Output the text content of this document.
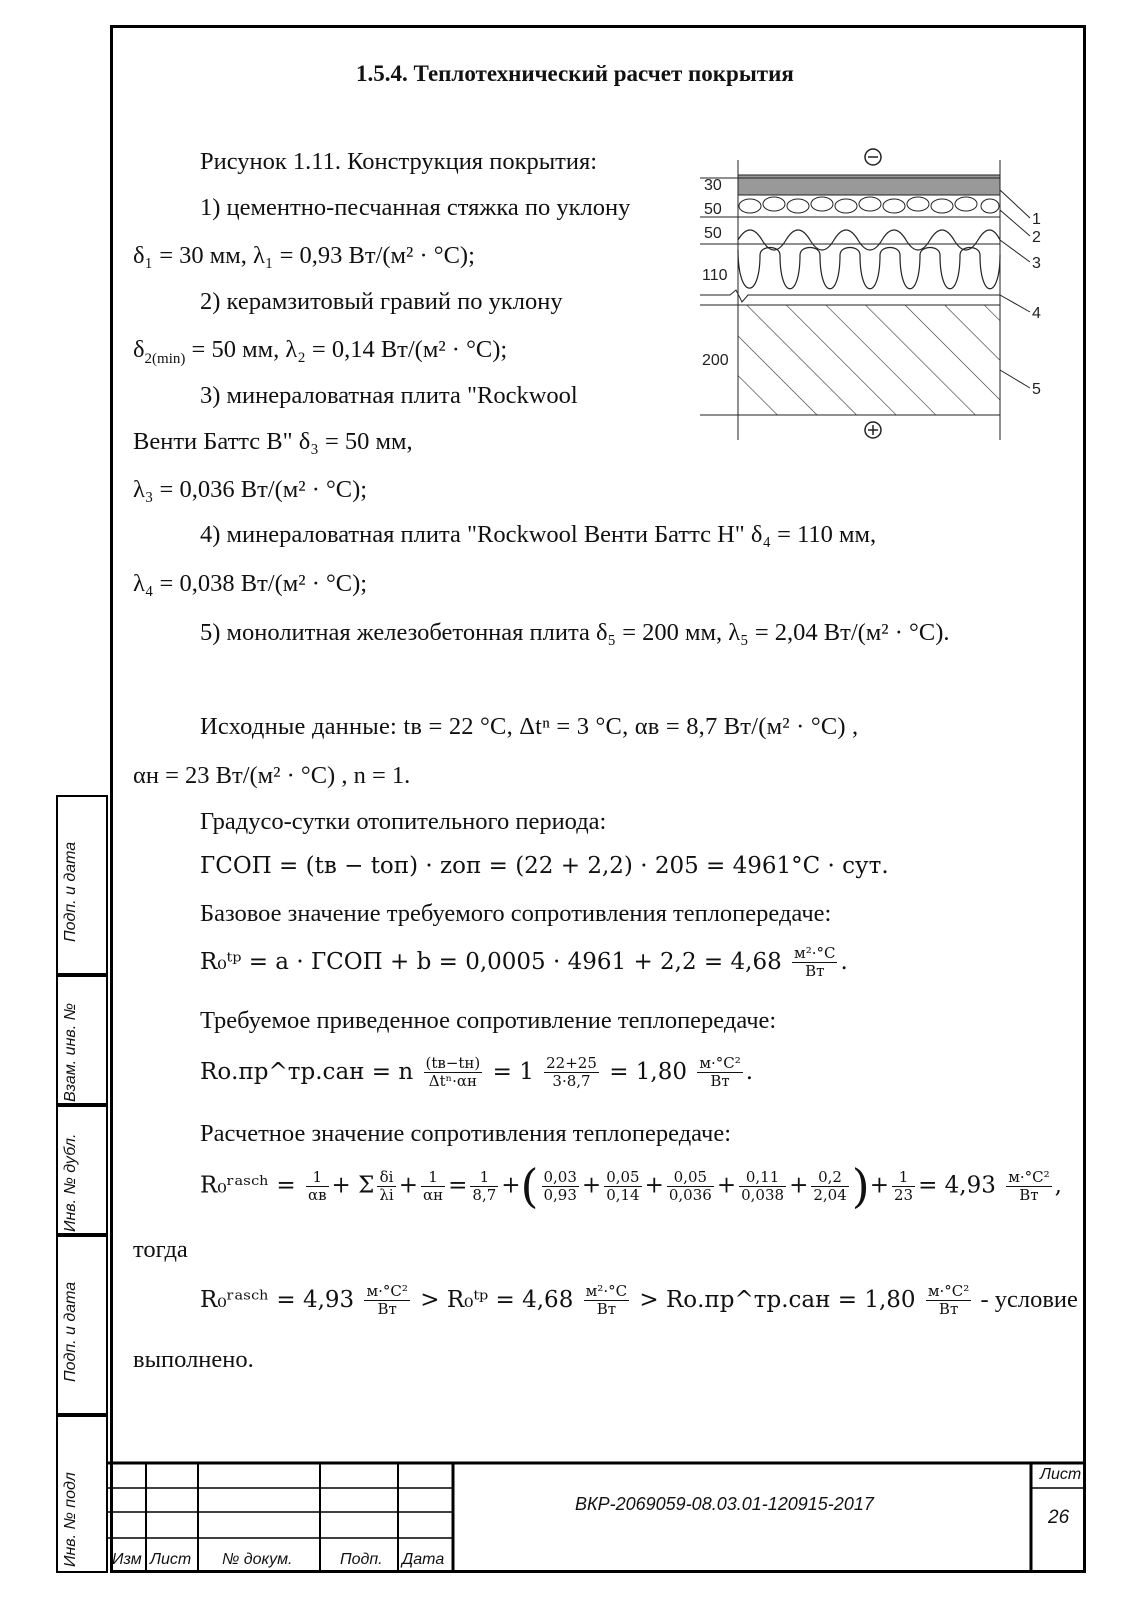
1.5.4. Теплотехнический расчет покрытия
30
50
50
110
200
1
2
3
4
5
Рисунок 1.11. Конструкция покрытия:
1) цементно-песчанная стяжка по уклону
δ₁ = 30 мм, λ₁ = 0,93 Вт/(м² · °С);
2) керамзитовый гравий по уклону
$\delta_{2(min)} = 50$ мм, λ₂ = 0,14 Вт/(м² · °С);
3) минераловатная плита "Rockwool
Венти Баттс В" δ₃ = 50 мм,
λ₃ = 0,036 Вт/(м² · °С);
4) минераловатная плита "Rockwool Венти Баттс Н" δ₄ = 110 мм,
λ₄ = 0,038 Вт/(м² · °С);
5) монолитная железобетонная плита δ₅ = 200 мм, λ₅ = 2,04 Вт/(м² · °С).
Исходные данные: tв = 22 °С, Δtⁿ = 3 °С, αв = 8,7 Вт/(м² · °С) ,
αн = 23 Вт/(м² · °С) , n = 1.
Градусо-сутки отопительного периода:
ГСОП = (tв − tоп) · zоп = (22 + 2,2) · 205 = 4961°С · сут.
Базовое значение требуемого сопротивления теплопередаче:
R₀ᵗᵖ = a · ГСОП + $b = 0,0005 \cdot 4961 + 2,2 = 4,68 \frac{\text{м²·°С}}{Вт}$ .
Требуемое приведенное сопротивление теплопередаче:
Rо.пр^тр.сан = n $\frac{(tв-tн)}{\text{Δtⁿ·αн}} = 1 \frac{22+25}{3\cdot 8,7} = 1,80 \frac{\text{м·°С²}}{Вт}$ .
Расчетное значение сопротивления теплопередаче:
R₀ʳᵃˢᶜʰ = $\frac{1}{\alpha в} + \Sigma \frac{\delta i}{\lambda i} + \frac{1}{\alpha н} = \frac{1}{8,7}$ +( $\frac{0,03}{0,93} + \frac{0,05}{0,14} + \frac{0,05}{0,036} + \frac{0,11}{0,038} + \frac{0,2}{2,04}$ )+ $\frac{1}{23} = 4,93 \frac{\text{м·°С²}}{Вт}$ ,
тогда
R₀ʳᵃˢᶜʰ = $4,93 \frac{\text{м·°С²}}{Вт}$ > R₀ᵗᵖ = $4,68 \frac{\text{м²·°С}}{Вт}$ > Rо.пр^тр.сан = $1,80 \frac{\text{м·°С²}}{Вт}$ - условие
выполнено.
Подп. и дата
Взам. инв. №
Инв. № дубл.
Подп. и дата
Инв. № подл Изм Лист № докум.	Подп. Дата
ВКР-2069059-08.03.01-120915-2017
Лист
26
